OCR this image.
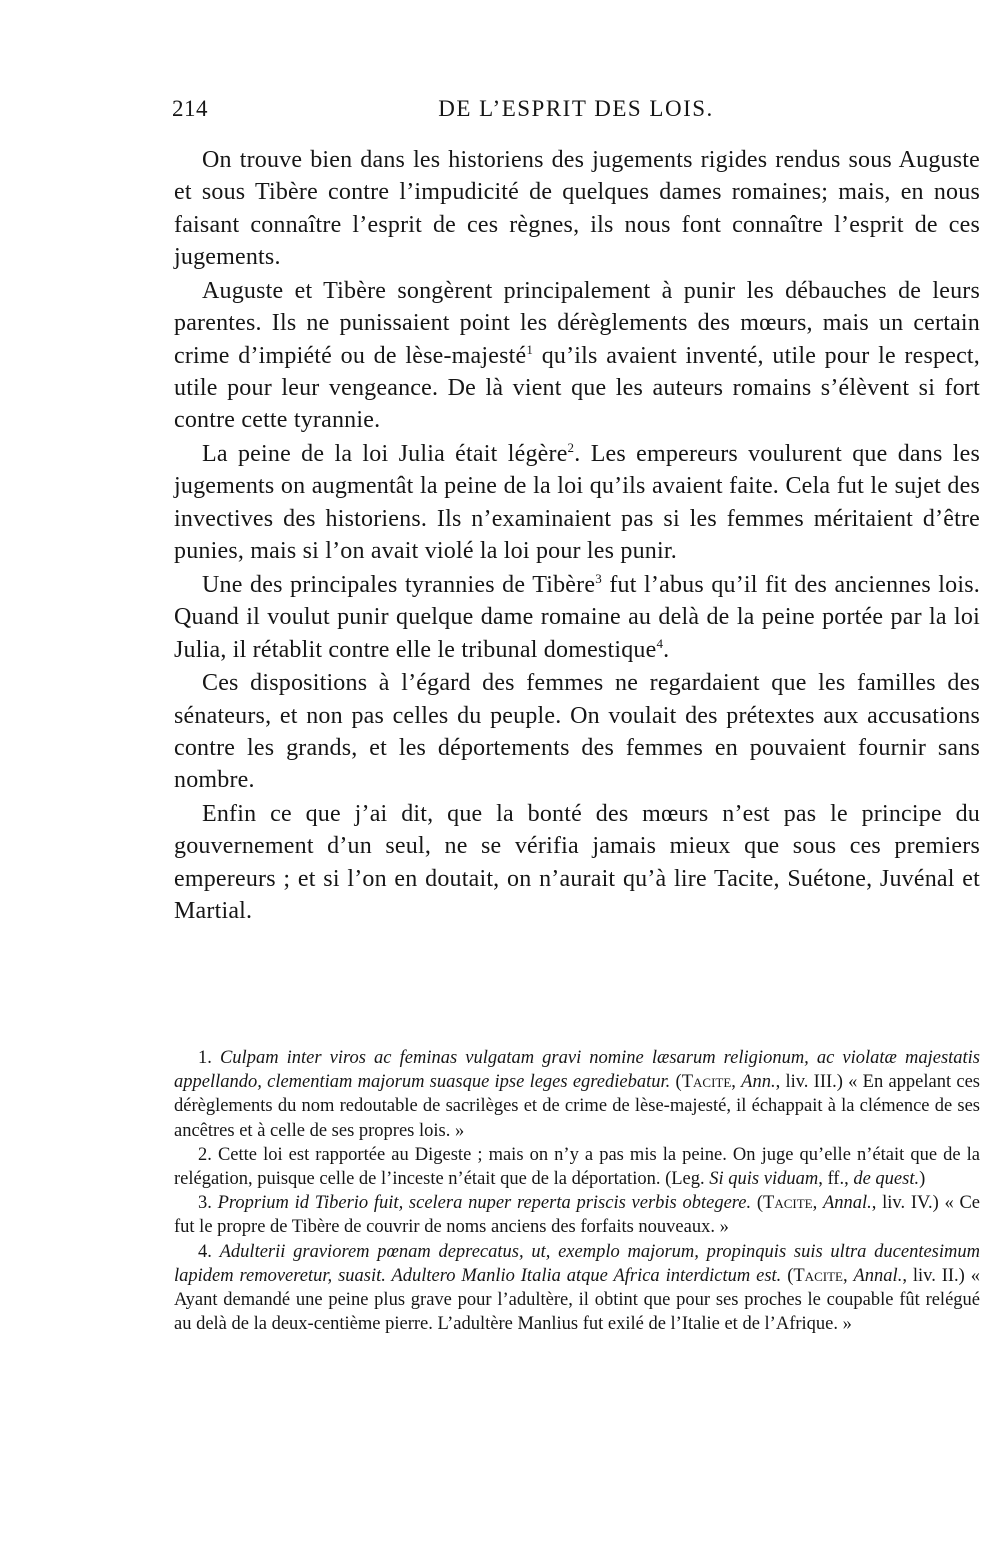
214	DE L’ESPRIT DES LOIS.

On trouve bien dans les historiens des jugements rigides rendus sous Auguste et sous Tibère contre l’impudicité de quelques dames romaines; mais, en nous faisant connaître l’esprit de ces règnes, ils nous font connaître l’esprit de ces jugements.

Auguste et Tibère songèrent principalement à punir les débauches de leurs parentes. Ils ne punissaient point les dérèglements des mœurs, mais un certain crime d’impiété ou de lèse-majesté$^1$ qu’ils avaient inventé, utile pour le respect, utile pour leur vengeance. De là vient que les auteurs romains s’élèvent si fort contre cette tyrannie.

La peine de la loi Julia était légère$^2$. Les empereurs voulurent que dans les jugements on augmentât la peine de la loi qu’ils avaient faite. Cela fut le sujet des invectives des historiens. Ils n’examinaient pas si les femmes méritaient d’être punies, mais si l’on avait violé la loi pour les punir.

Une des principales tyrannies de Tibère$^3$ fut l’abus qu’il fit des anciennes lois. Quand il voulut punir quelque dame romaine au delà de la peine portée par la loi Julia, il rétablit contre elle le tribunal domestique$^4$.

Ces dispositions à l’égard des femmes ne regardaient que les familles des sénateurs, et non pas celles du peuple. On voulait des prétextes aux accusations contre les grands, et les déportements des femmes en pouvaient fournir sans nombre.

Enfin ce que j’ai dit, que la bonté des mœurs n’est pas le principe du gouvernement d’un seul, ne se vérifia jamais mieux que sous ces premiers empereurs ; et si l’on en doutait, on n’aurait qu’à lire Tacite, Suétone, Juvénal et Martial.

1. Culpam inter viros ac feminas vulgatam gravi nomine læsarum religionum, ac violatæ majestatis appellando, clementiam majorum suasque ipse leges egrediebatur. (Tacite, Ann., liv. III.) « En appelant ces dérèglements du nom redoutable de sacrilèges et de crime de lèse-majesté, il échappait à la clémence de ses ancêtres et à celle de ses propres lois. »
2. Cette loi est rapportée au Digeste ; mais on n’y a pas mis la peine. On juge qu’elle n’était que de la relégation, puisque celle de l’inceste n’était que de la déportation. (Leg. Si quis viduam, ff., de quest.)
3. Proprium id Tiberio fuit, scelera nuper reperta priscis verbis obtegere. (Tacite, Annal., liv. IV.) « Ce fut le propre de Tibère de couvrir de noms anciens des forfaits nouveaux. »
4. Adulterii graviorem pœnam deprecatus, ut, exemplo majorum, propinquis suis ultra ducentesimum lapidem removeretur, suasit. Adultero Manlio Italia atque Africa interdictum est. (Tacite, Annal., liv. II.) « Ayant demandé une peine plus grave pour l’adultère, il obtint que pour ses proches le coupable fût relégué au delà de la deux-centième pierre. L’adultère Manlius fut exilé de l’Italie et de l’Afrique. »
